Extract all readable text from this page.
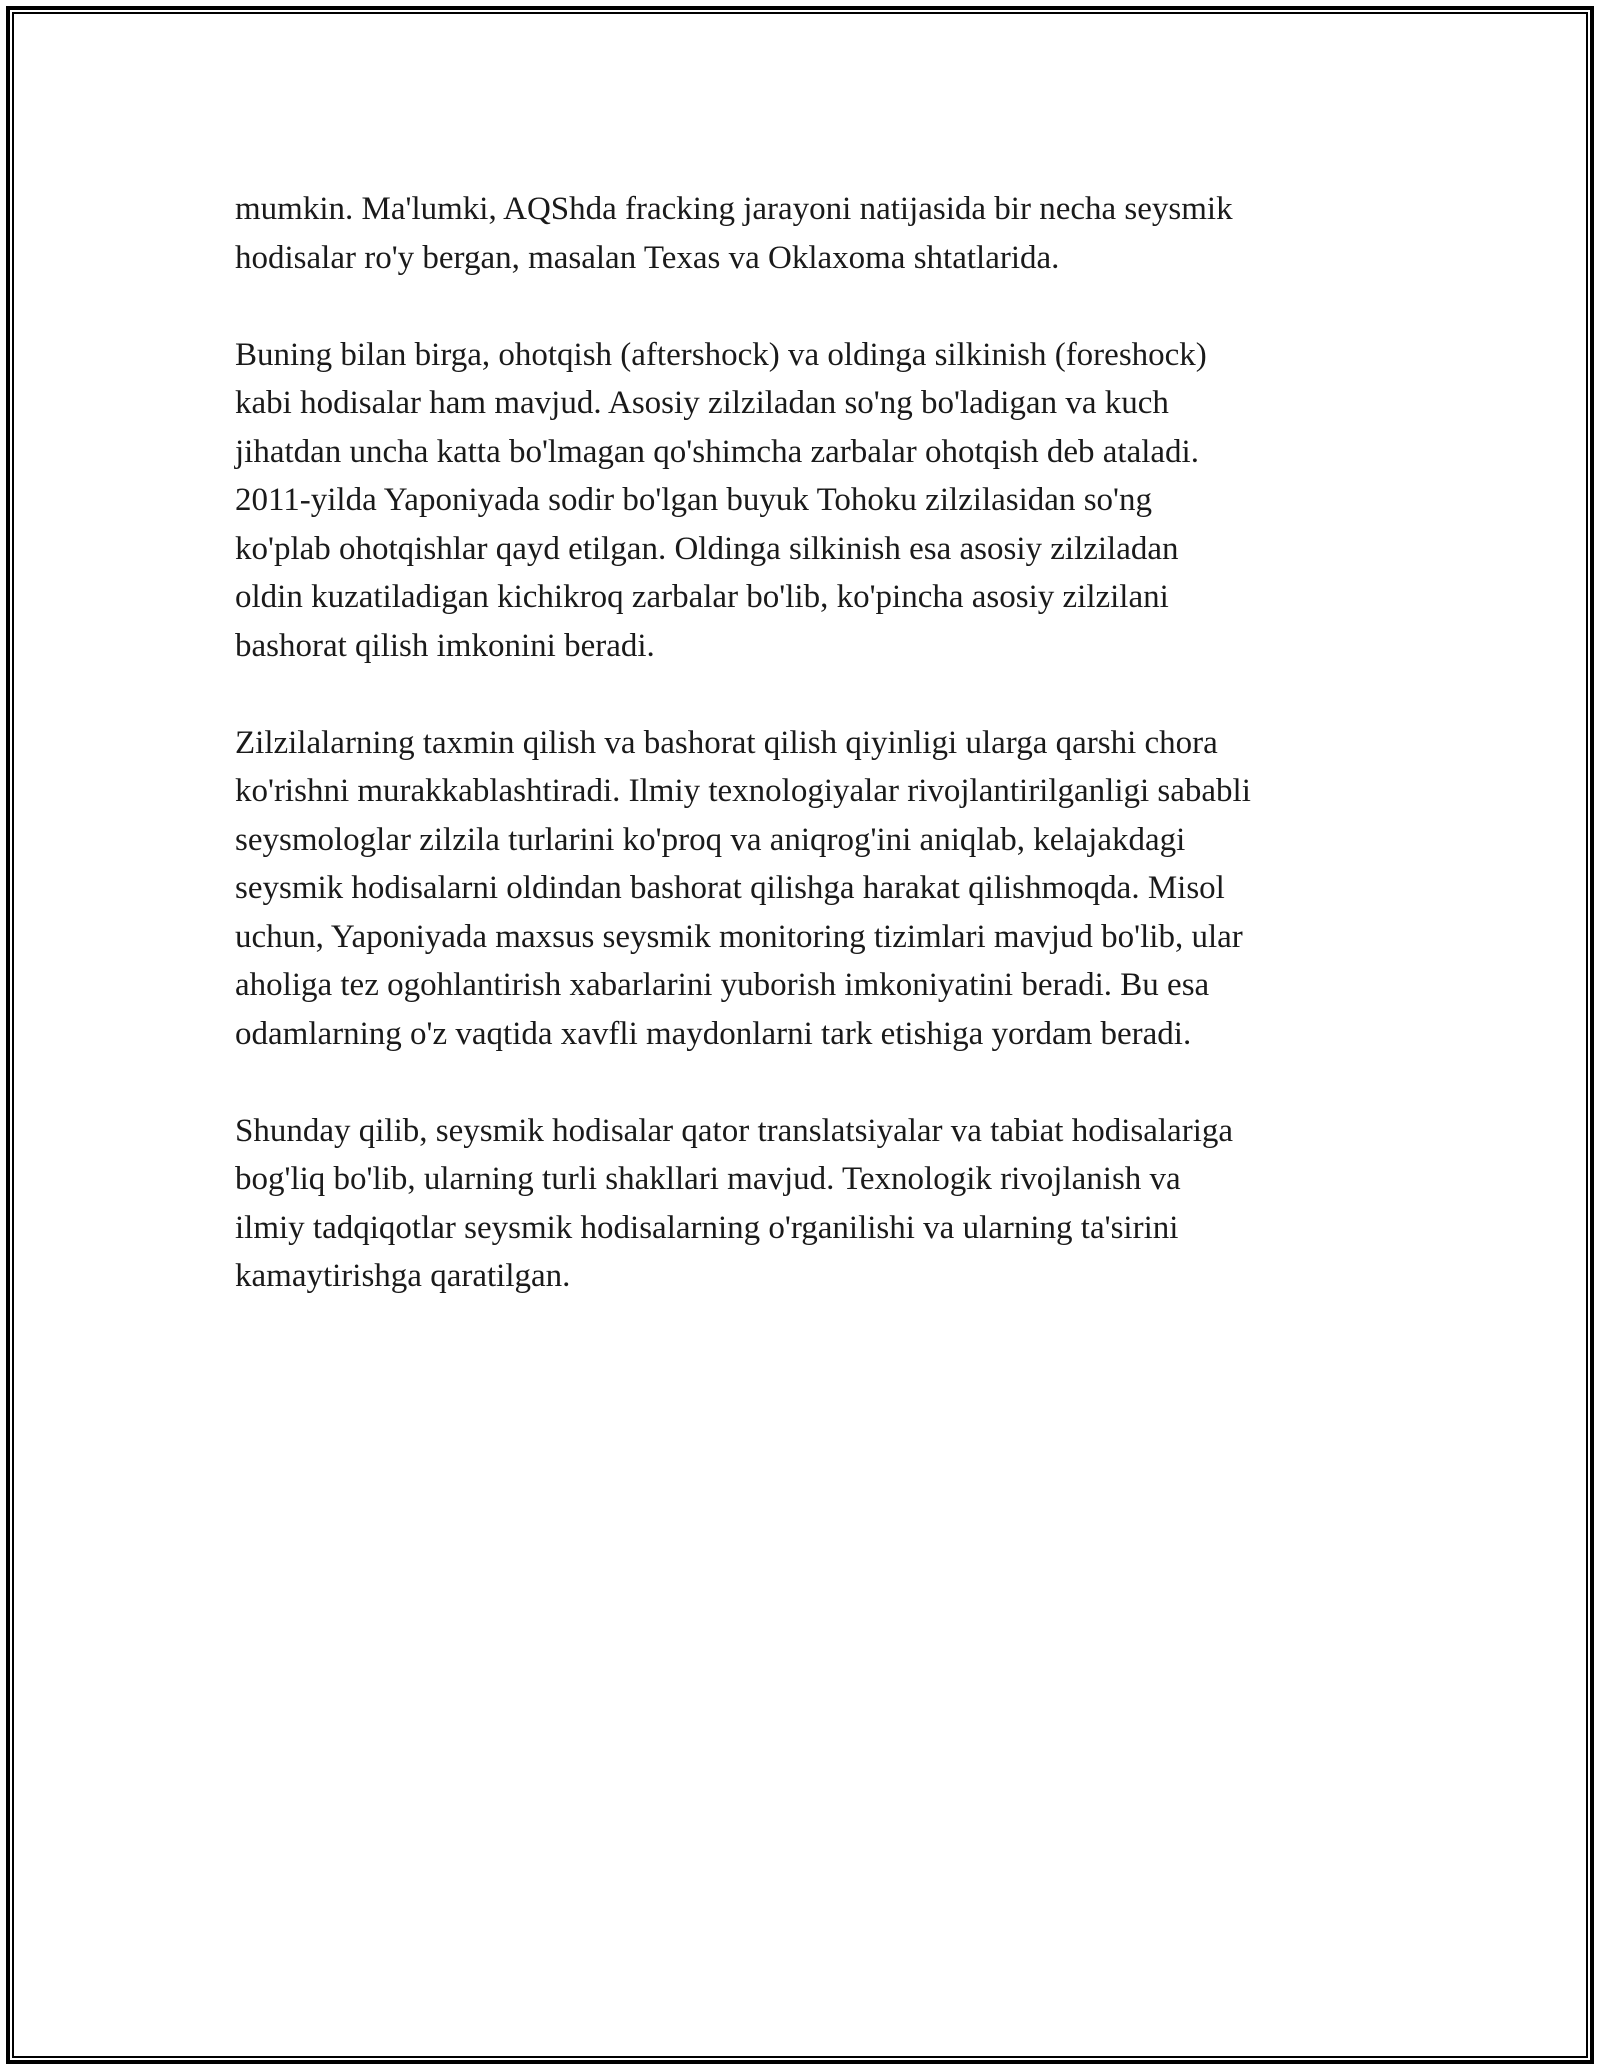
mumkin. Ma'lumki, AQShda fracking jarayoni natijasida bir necha seysmik
hodisalar ro'y bergan, masalan Texas va Oklaxoma shtatlarida.

Buning bilan birga, ohotqish (aftershock) va oldinga silkinish (foreshock)
kabi hodisalar ham mavjud. Asosiy zilziladan so'ng bo'ladigan va kuch
jihatdan uncha katta bo'lmagan qo'shimcha zarbalar ohotqish deb ataladi.
2011-yilda Yaponiyada sodir bo'lgan buyuk Tohoku zilzilasidan so'ng
ko'plab ohotqishlar qayd etilgan. Oldinga silkinish esa asosiy zilziladan
oldin kuzatiladigan kichikroq zarbalar bo'lib, ko'pincha asosiy zilzilani
bashorat qilish imkonini beradi.

Zilzilalarning taxmin qilish va bashorat qilish qiyinligi ularga qarshi chora
ko'rishni murakkablashtiradi. Ilmiy texnologiyalar rivojlantirilganligi sababli
seysmologlar zilzila turlarini ko'proq va aniqrog'ini aniqlab, kelajakdagi
seysmik hodisalarni oldindan bashorat qilishga harakat qilishmoqda. Misol
uchun, Yaponiyada maxsus seysmik monitoring tizimlari mavjud bo'lib, ular
aholiga tez ogohlantirish xabarlarini yuborish imkoniyatini beradi. Bu esa
odamlarning o'z vaqtida xavfli maydonlarni tark etishiga yordam beradi.

Shunday qilib, seysmik hodisalar qator translatsiyalar va tabiat hodisalariga
bog'liq bo'lib, ularning turli shakllari mavjud. Texnologik rivojlanish va
ilmiy tadqiqotlar seysmik hodisalarning o'rganilishi va ularning ta'sirini
kamaytirishga qaratilgan.
